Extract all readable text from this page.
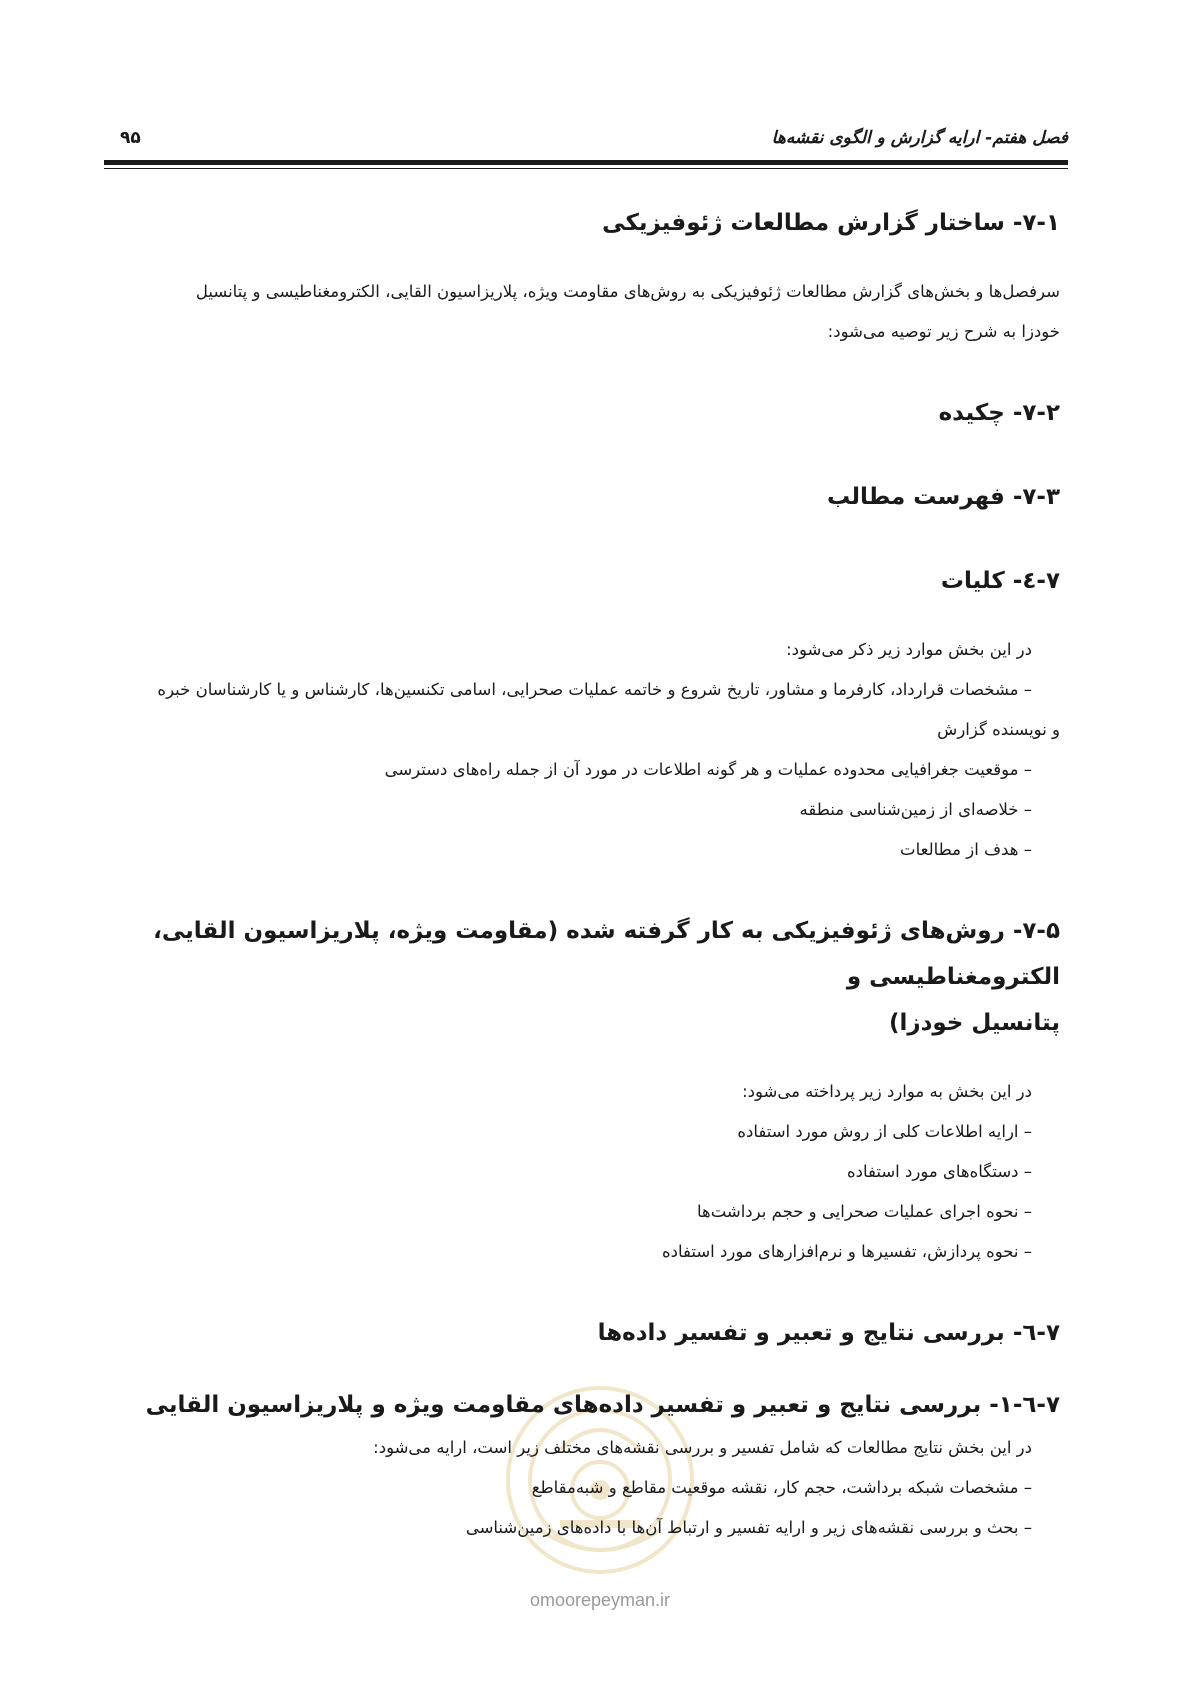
فصل هفتم- ارایه گزارش و الگوی نقشه‌ها
۹۵
omoorepeyman.ir
۷-۱- ساختار گزارش مطالعات ژئوفیزیکی

سرفصل‌ها و بخش‌های گزارش مطالعات ژئوفیزیکی به روش‌های مقاومت ویژه، پلاریزاسیون القایی، الکترومغناطیسی و پتانسیل

خودزا به شرح زیر توصیه می‌شود:

۷-۲- چکیده
۷-۳- فهرست مطالب
۷-٤- کلیات

در این بخش موارد زیر ذکر می‌شود:

– مشخصات قرارداد، کارفرما و مشاور، تاریخ شروع و خاتمه عملیات صحرایی، اسامی تکنسین‌ها، کارشناس و یا کارشناسان خبره

و نویسنده گزارش

– موقعیت جغرافیایی محدوده عملیات و هر گونه اطلاعات در مورد آن از جمله راه‌های دسترسی

– خلاصه‌ای از زمین‌شناسی منطقه

– هدف از مطالعات

۷-۵- روش‌های ژئوفیزیکی به کار گرفته شده (مقاومت ویژه، پلاریزاسیون القایی، الکترومغناطیسی و
پتانسیل خودزا)

در این بخش به موارد زیر پرداخته می‌شود:

– ارایه اطلاعات کلی از روش مورد استفاده

– دستگاه‌های مورد استفاده

– نحوه اجرای عملیات صحرایی و حجم برداشت‌ها

– نحوه پردازش، تفسیرها و نرم‌افزارهای مورد استفاده

۷-٦- بررسی نتایج و تعبیر و تفسیر داده‌ها
۷-٦-۱- بررسی نتایج و تعبیر و تفسیر داده‌های مقاومت ویژه و پلاریزاسیون القایی

در این بخش نتایج مطالعات که شامل تفسیر و بررسی نقشه‌های مختلف زیر است، ارایه می‌شود:

– مشخصات شبکه برداشت، حجم کار، نقشه موقعیت مقاطع و شبه‌مقاطع

– بحث و بررسی نقشه‌های زیر و ارایه تفسیر و ارتباط آن‌ها با داده‌های زمین‌شناسی
